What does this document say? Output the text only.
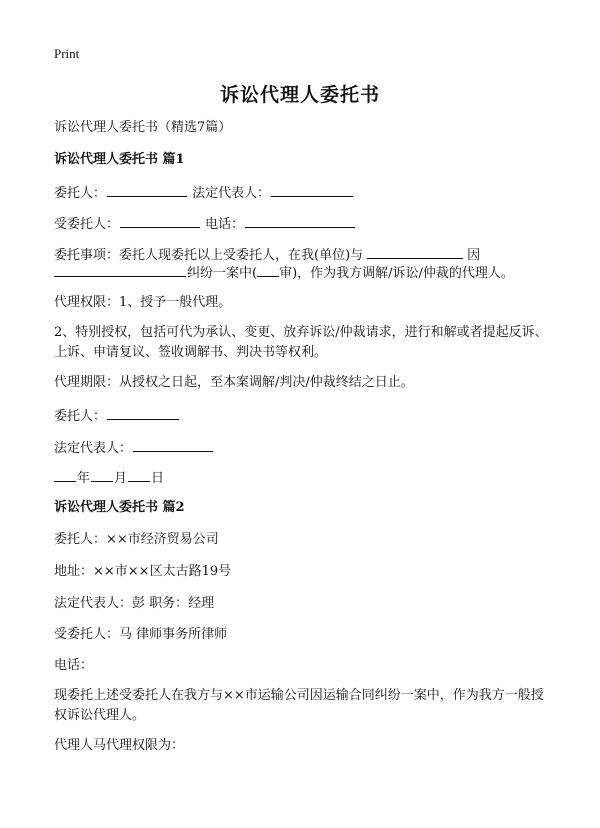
Print
诉讼代理人委托书
诉讼代理人委托书（精选7篇）
诉讼代理人委托书 篇1
委托人：	法定代表人：
受委托人：	电话：
委托事项：委托人现委托以上受委托人，在我(单位)与	因
纠纷一案中( 审)，作为我方调解/诉讼/仲裁的代理人。
代理权限：1、授予一般代理。
2、特别授权，包括可代为承认、变更、放弃诉讼/仲裁请求，进行和解或者提起反诉、上诉、申请复议、签收调解书、判决书等权利。
代理期限：从授权之日起，至本案调解/判决/仲裁终结之日止。
委托人：
法定代表人：
年 月 日
诉讼代理人委托书 篇2
委托人：××市经济贸易公司
地址：××市××区太古路19号
法定代表人：彭 职务：经理
受委托人：马 律师事务所律师
电话：
现委托上述受委托人在我方与××市运输公司因运输合同纠纷一案中，作为我方一般授权诉讼代理人。
代理人马代理权限为：
